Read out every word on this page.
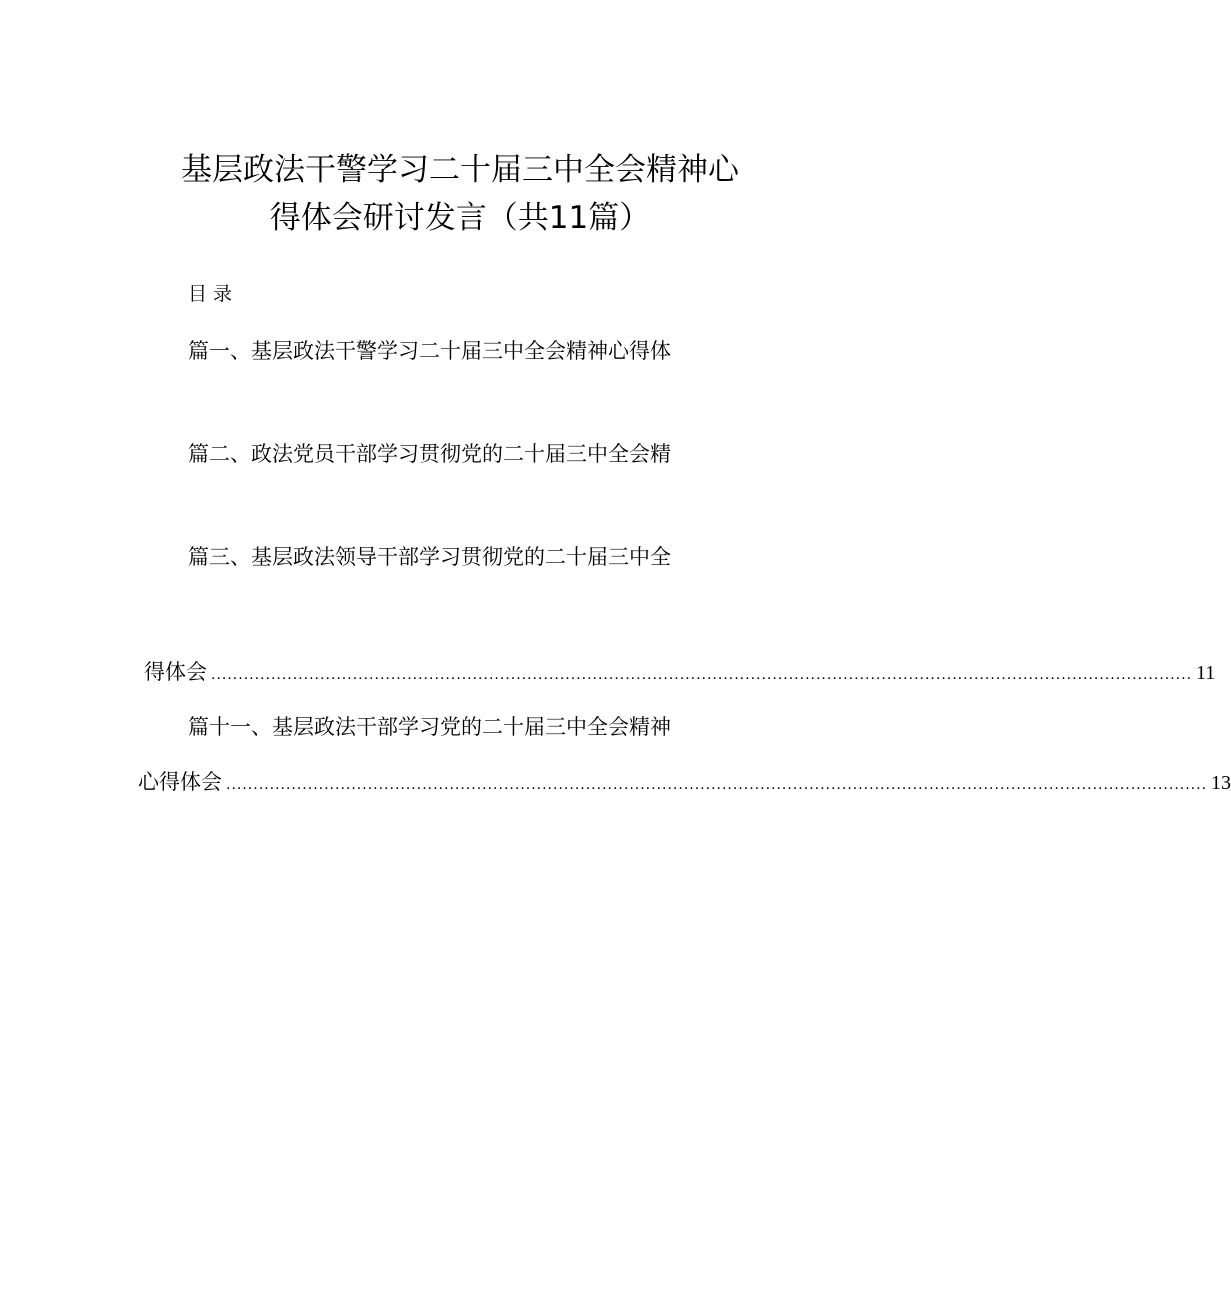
基层政法干警学习二十届三中全会精神心
得体会研讨发言（共11篇）
目录
篇一、基层政法干警学习二十届三中全会精神心得体
篇二、政法党员干部学习贯彻党的二十届三中全会精
篇三、基层政法领导干部学习贯彻党的二十届三中全
得体会 .................................................................................................................................................................................... 11
篇十一、基层政法干部学习党的二十届三中全会精神
心得体会 .................................................................................................................................................................................... 13
